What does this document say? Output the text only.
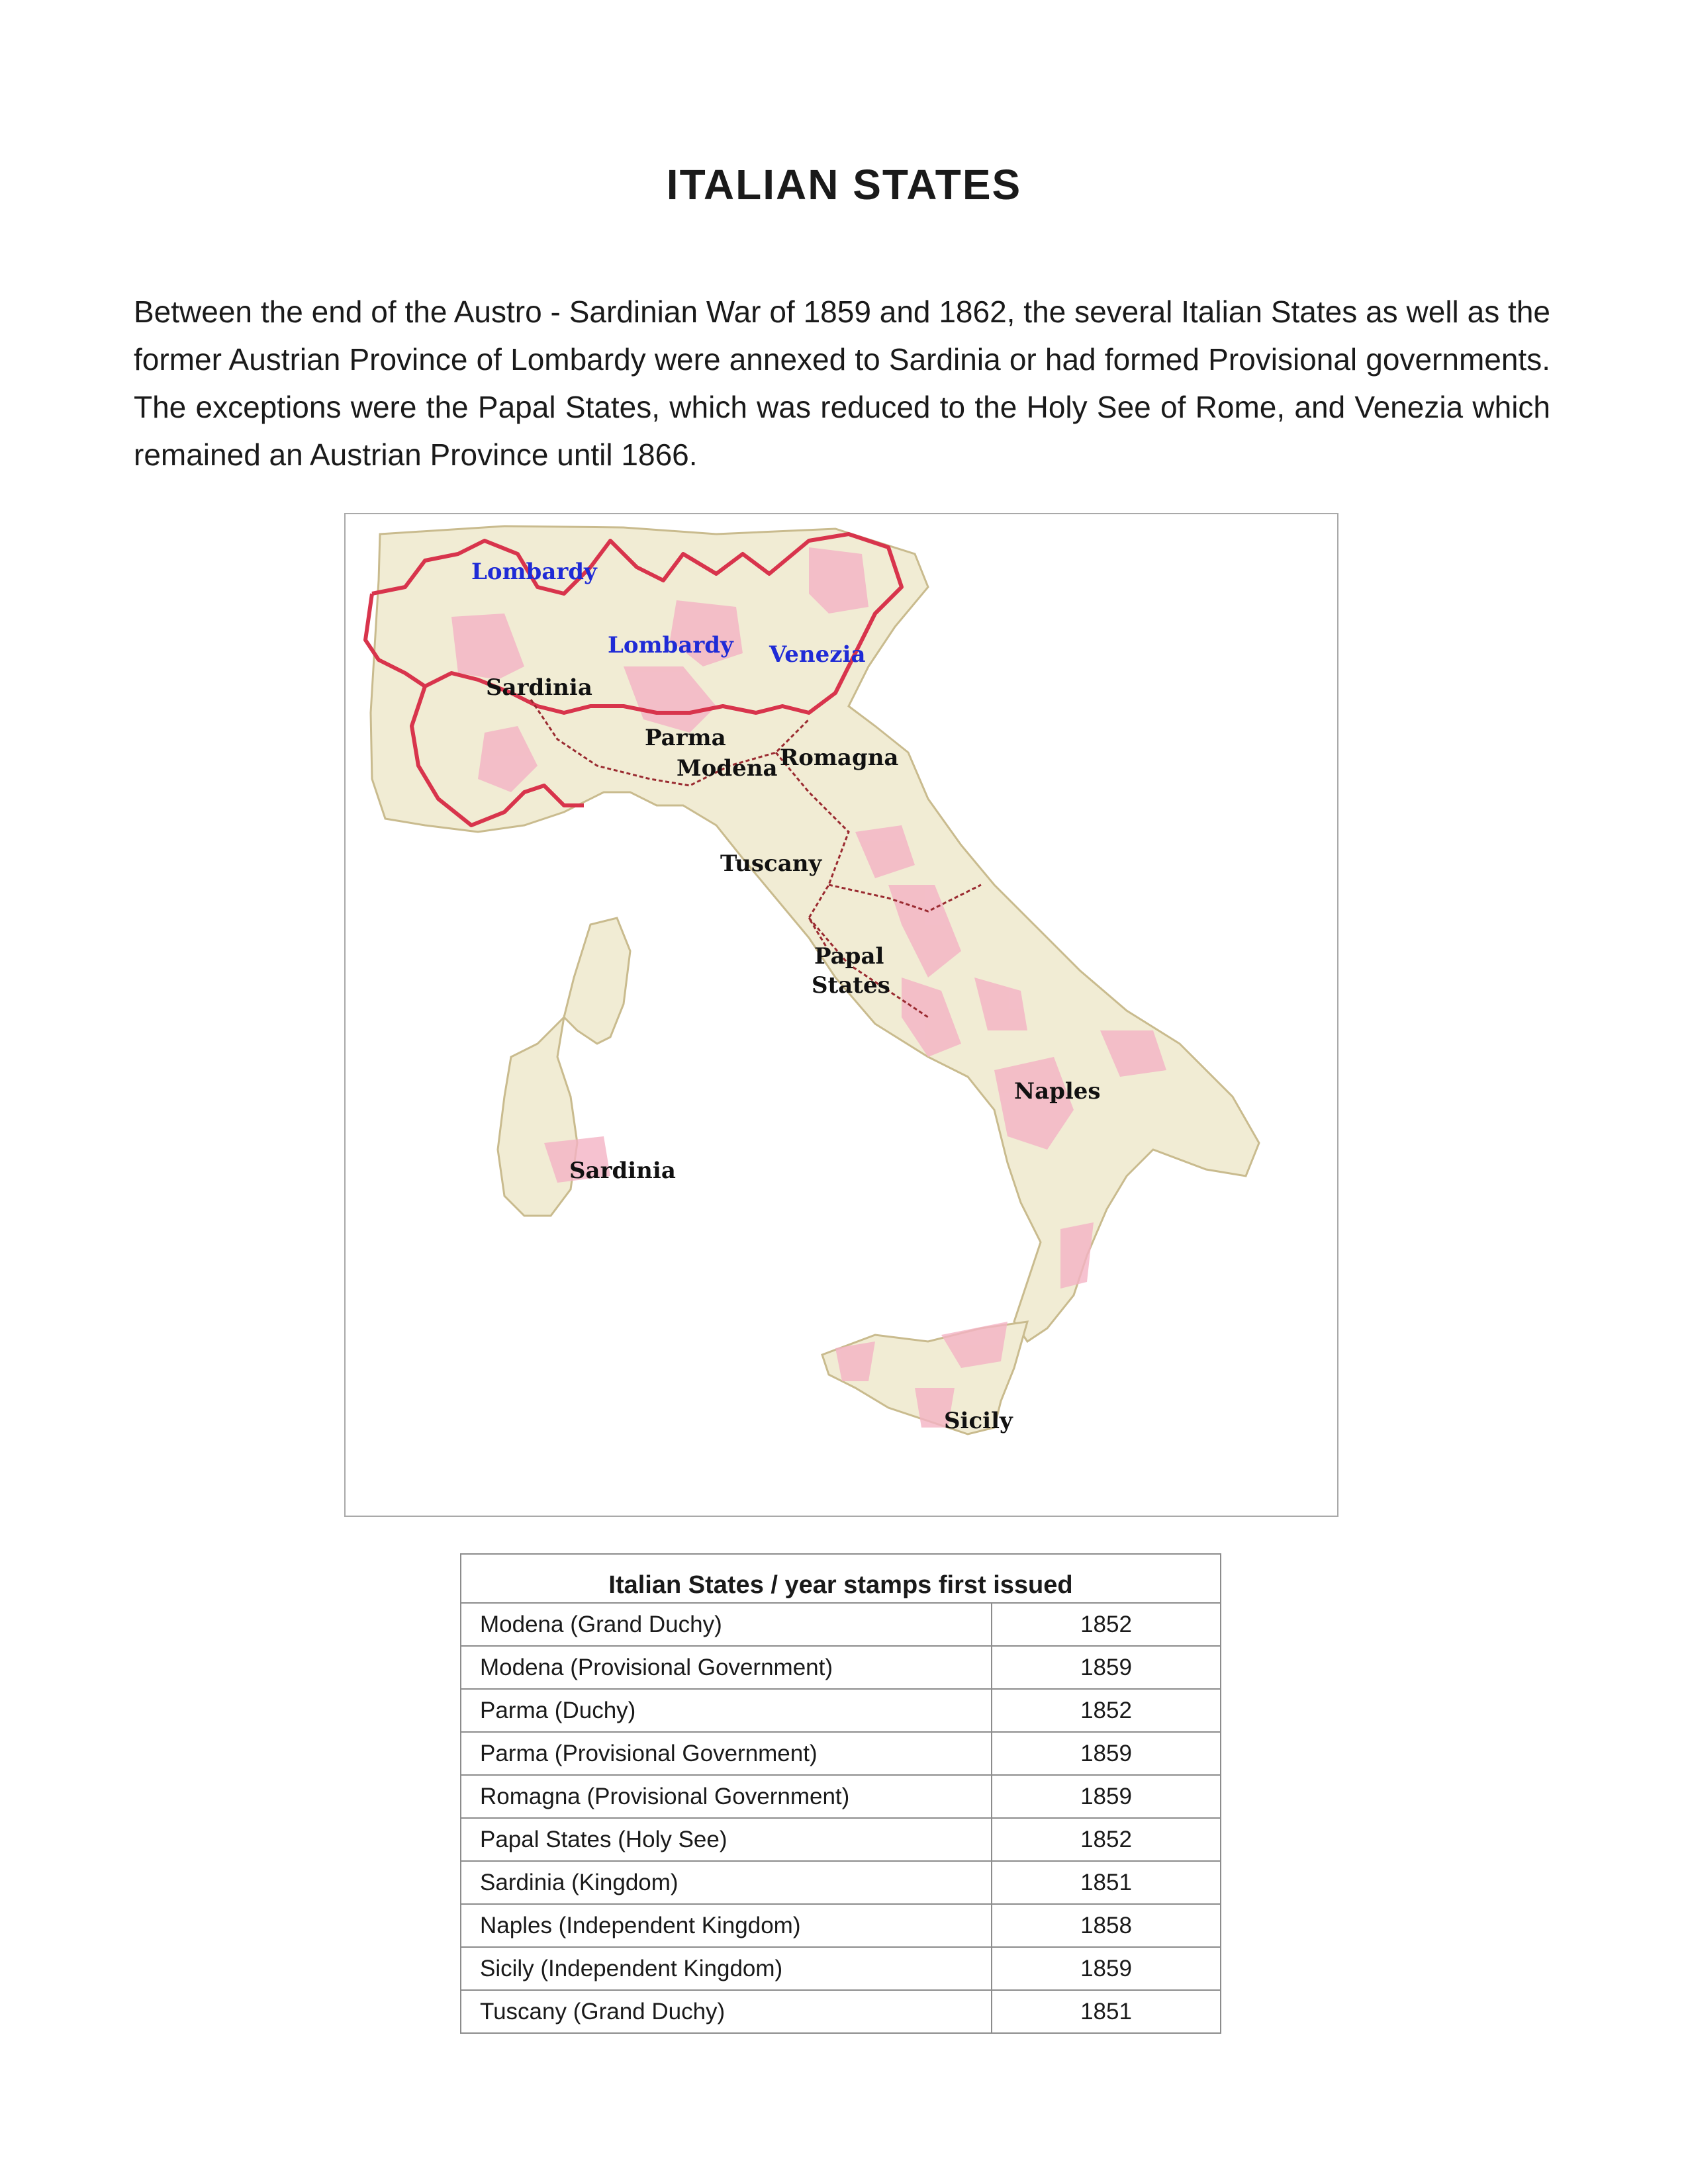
ITALIAN STATES

Between the end of the Austro - Sardinian War of 1859 and 1862, the several Italian States as well as the former Austrian Province of Lombardy were annexed to Sardinia or had formed Provisional governments. The exceptions were the Papal States, which was reduced to the Holy See of Rome, and Venezia which remained an Austrian Province until 1866.

Lombardy
Lombardy Venezia
Sardinia
Parma
Modena Romagna
Tuscany
Papal
States
Naples
Sardinia
Sicily
Italian States / year stamps first issued	
Modena (Grand Duchy)	1852
Modena (Provisional Government)	1859
Parma (Duchy)	1852
Parma (Provisional Government)	1859
Romagna (Provisional Government)	1859
Papal States (Holy See)	1852
Sardinia (Kingdom)	1851
Naples (Independent Kingdom)	1858
Sicily (Independent Kingdom)	1859
Tuscany (Grand Duchy)	1851
